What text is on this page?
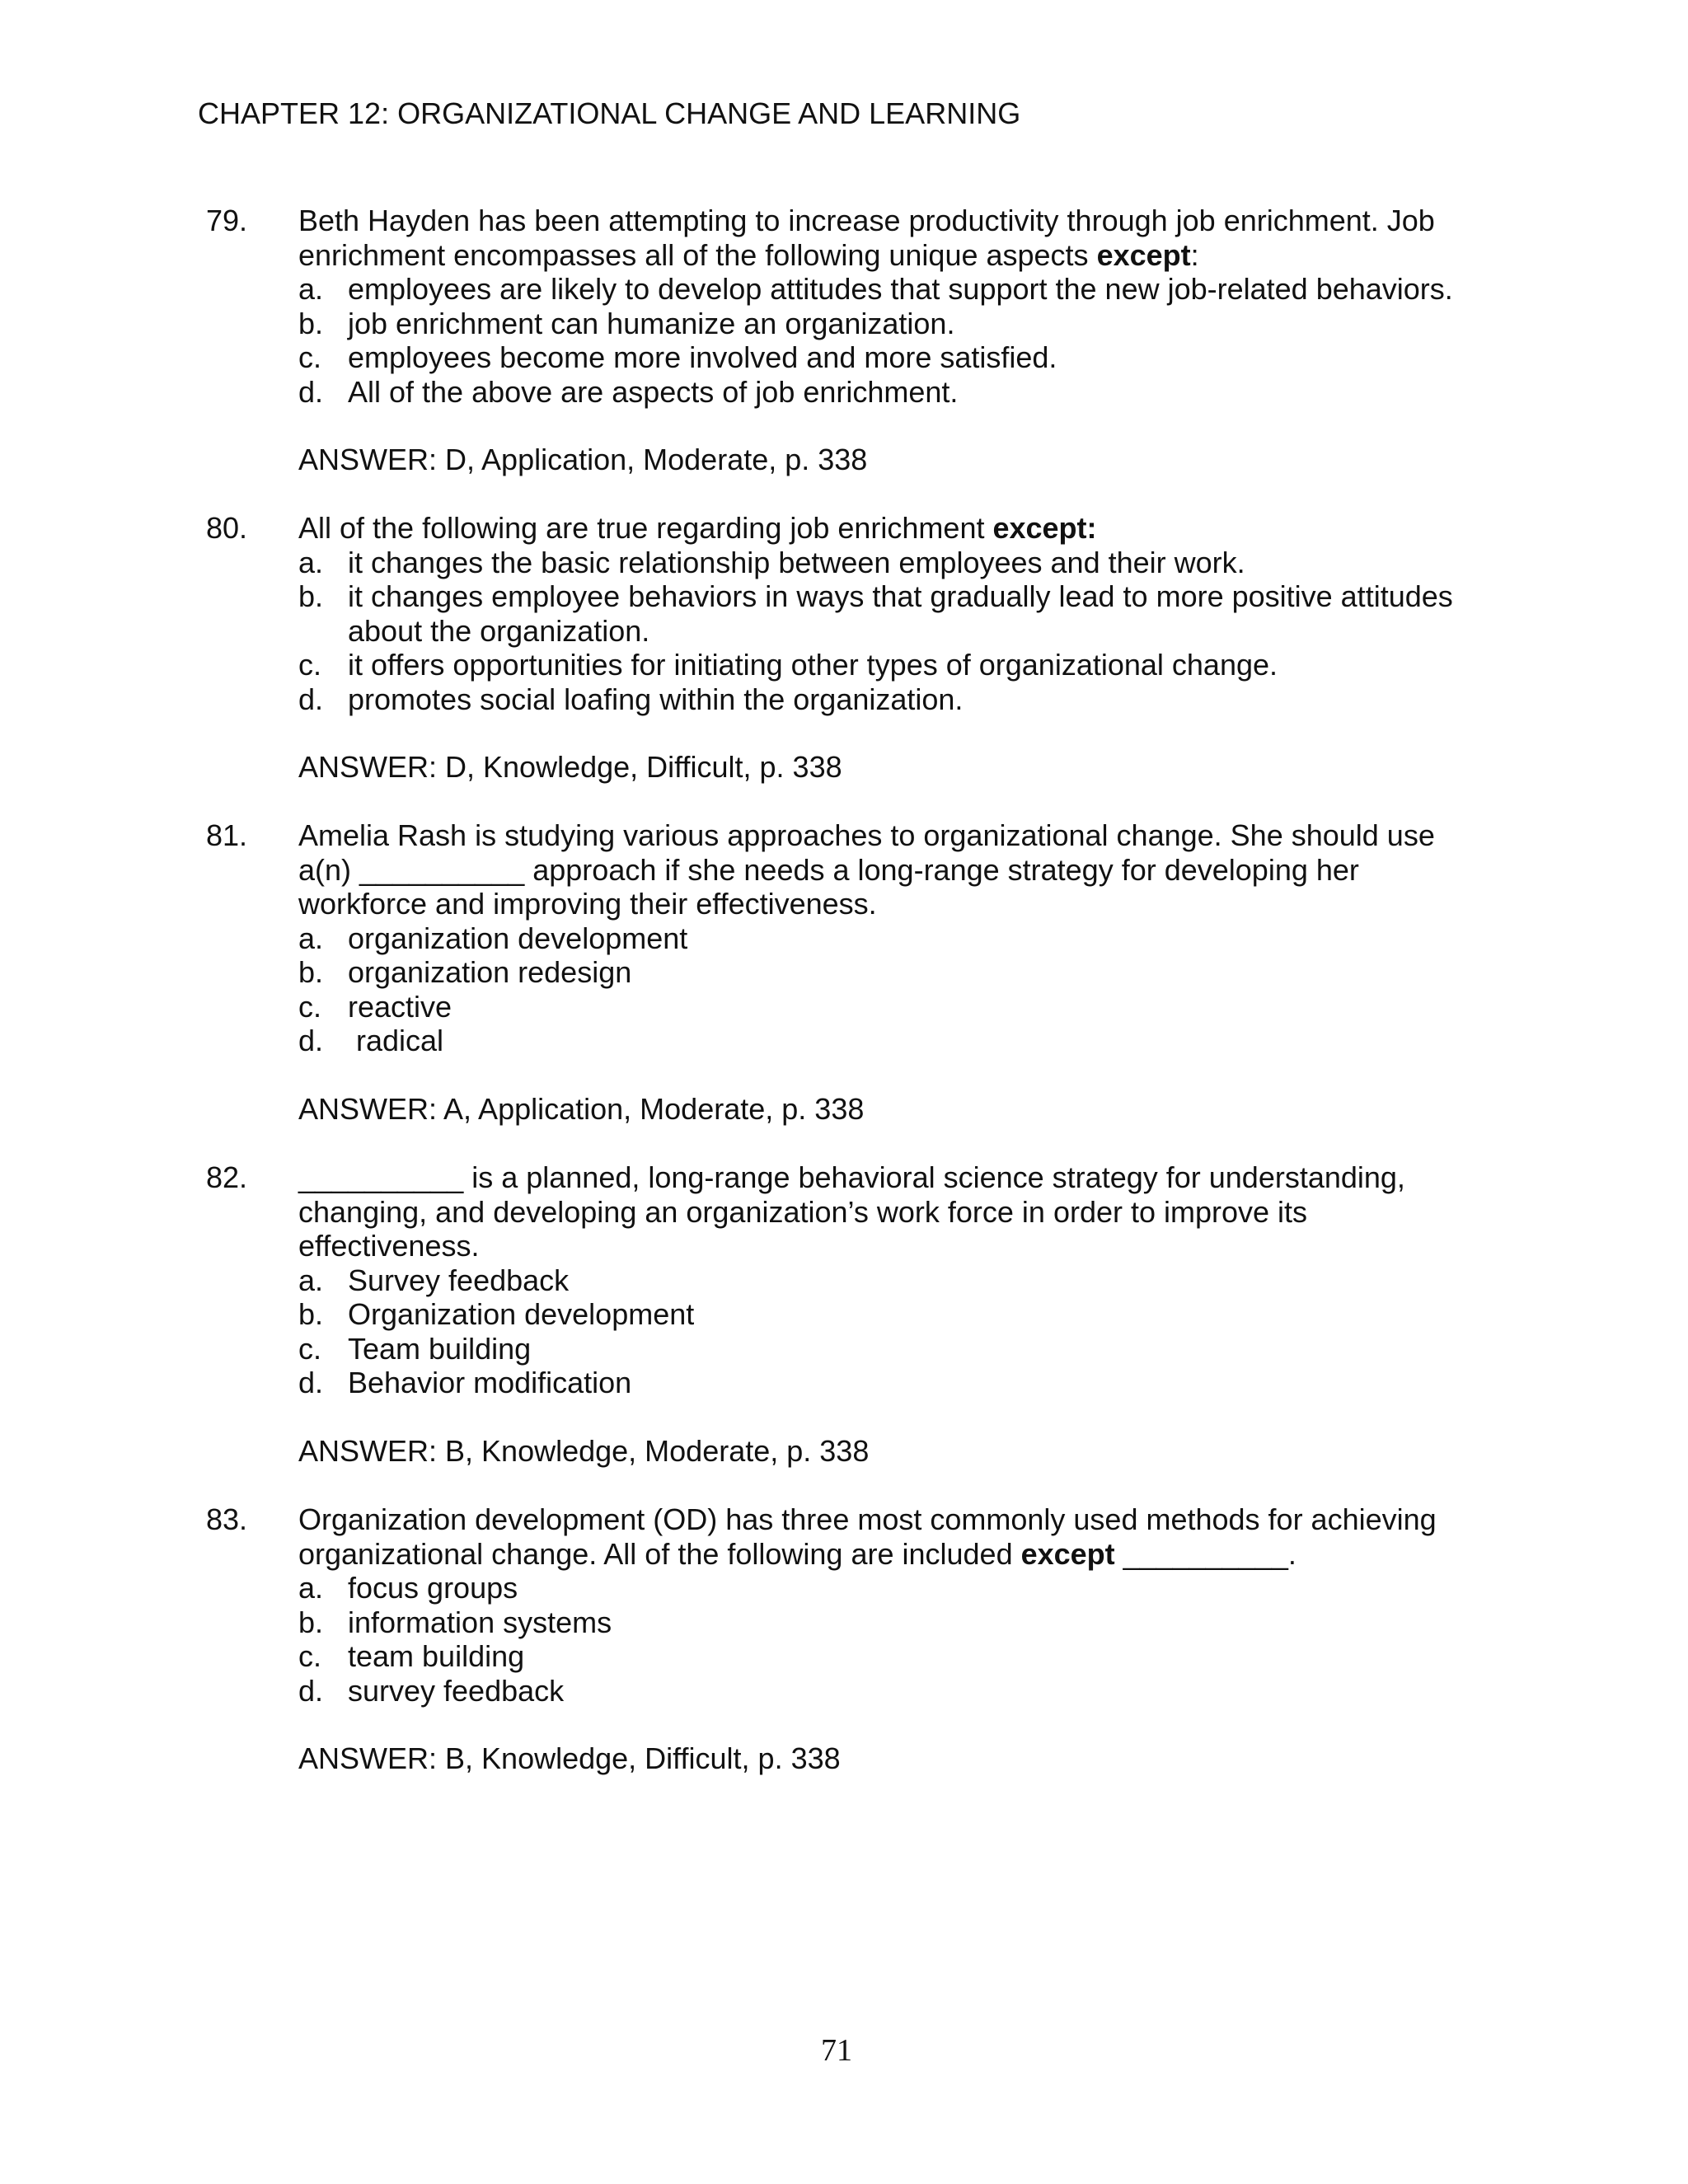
CHAPTER 12: ORGANIZATIONAL CHANGE AND LEARNING
79.	Beth Hayden has been attempting to increase productivity through job enrichment. Job
enrichment encompasses all of the following unique aspects except:
a. employees are likely to develop attitudes that support the new job-related behaviors.
b. job enrichment can humanize an organization.
c. employees become more involved and more satisfied.
d. All of the above are aspects of job enrichment.
ANSWER: D, Application, Moderate, p. 338
80.	All of the following are true regarding job enrichment except:
a. it changes the basic relationship between employees and their work.
b. it changes employee behaviors in ways that gradually lead to more positive attitudes
about the organization.
c. it offers opportunities for initiating other types of organizational change.
d. promotes social loafing within the organization.
ANSWER: D, Knowledge, Difficult, p. 338
81.	Amelia Rash is studying various approaches to organizational change. She should use
a(n) __________ approach if she needs a long-range strategy for developing her
workforce and improving their effectiveness.
a. organization development
b. organization redesign
c. reactive
d. radical
ANSWER: A, Application, Moderate, p. 338
82.	__________ is a planned, long-range behavioral science strategy for understanding,
changing, and developing an organization’s work force in order to improve its
effectiveness.
a. Survey feedback
b. Organization development
c. Team building
d. Behavior modification
ANSWER: B, Knowledge, Moderate, p. 338
83.	Organization development (OD) has three most commonly used methods for achieving
organizational change. All of the following are included except __________.
a. focus groups
b. information systems
c. team building
d. survey feedback
ANSWER: B, Knowledge, Difficult, p. 338
71
